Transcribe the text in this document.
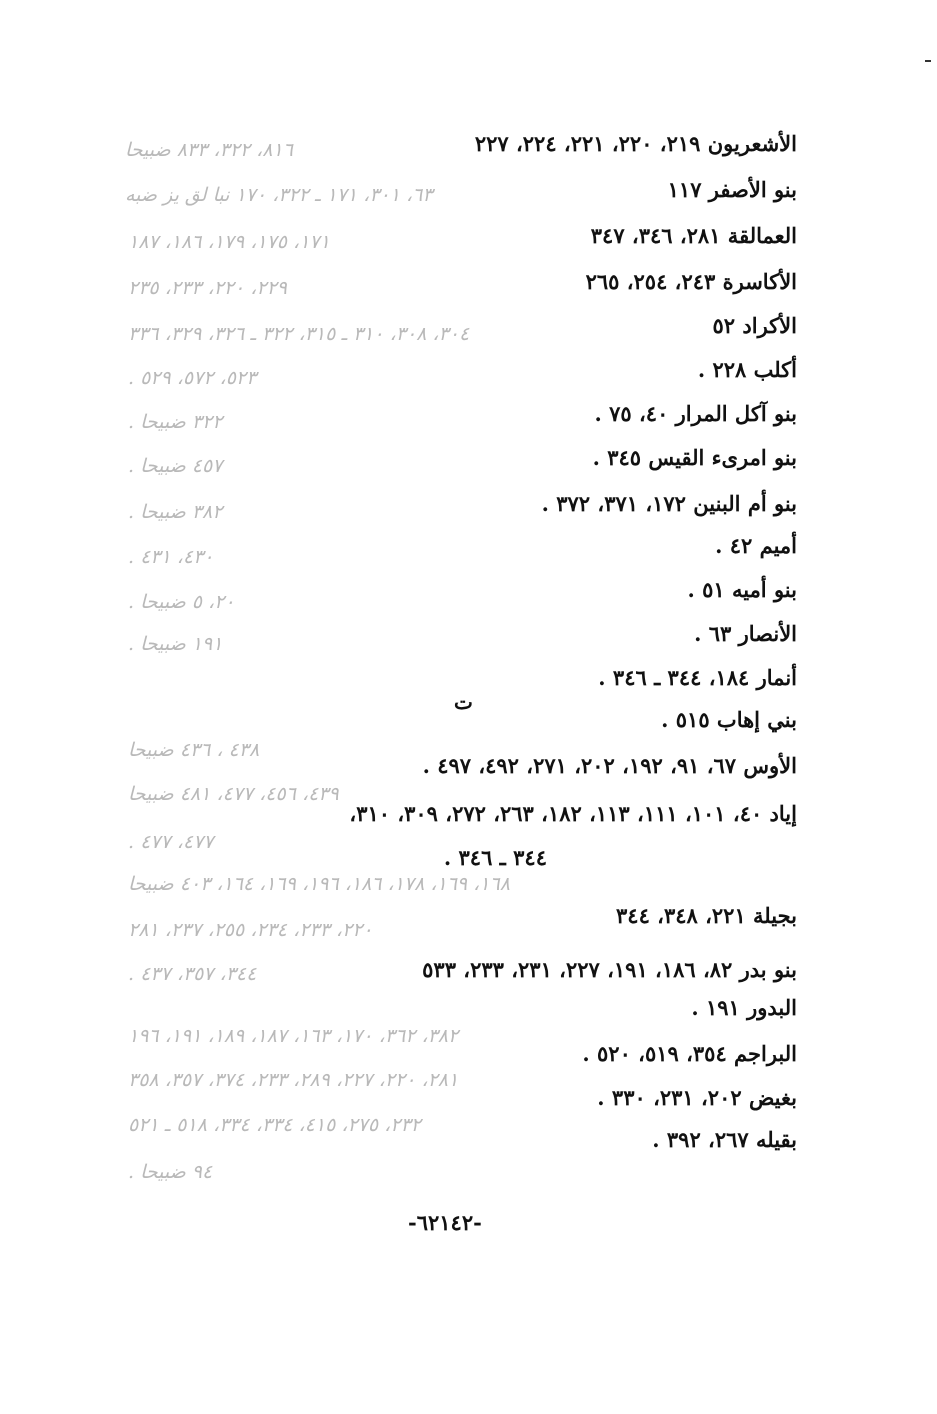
٨١٦، ٣٢٢، ٨٣٣ ضبيحا
٦٣، ٣٠١، ١٧١ ـ ٣٢٢، ١٧٠ نبا لق يز ضبه
١٧١، ١٧٥، ١٧٩، ١٨٦، ١٨٧
٢٢٩، ٢٢٠، ٢٣٣، ٢٣٥
٣٠٤، ٣٠٨، ٣١٠ ـ ٣١٥، ٣٢٢ ـ ٣٢٦، ٣٢٩، ٣٣٦
٥٢٣، ٥٧٢، ٥٢٩ .
٣٢٢ ضبيحا .
٤٥٧ ضبيحا .
٣٨٢ ضبيحا .
٤٣٠، ٤٣١ .
٢٠، ٥ ضبيحا .
١٩١ ضبيحا .
٤٣٨ ، ٤٣٦ ضبيحا
٤٣٩، ٤٥٦، ٤٧٧، ٤٨١ ضبيحا
٤٧٧، ٤٧٧ .
١٦٨، ١٦٩، ١٧٨، ١٨٦، ١٩٦، ١٦٩، ١٦٤، ٤٠٣ ضبيحا
٢٢٠، ٢٣٣، ٢٣٤، ٢٥٥، ٢٣٧، ٢٨١
٣٤٤، ٣٥٧، ٤٣٧ .
٣٨٢، ٣٦٢، ١٧٠، ١٦٣، ١٨٧، ١٨٩، ١٩١، ١٩٦
٢٨١، ٢٢٠، ٢٢٧، ٢٨٩، ٢٣٣، ٣٧٤، ٣٥٧، ٣٥٨
٢٣٢، ٢٧٥، ٤١٥، ٣٣٤، ٣٣٤، ٥١٨ ـ ٥٢١
٩٤ ضبيحا .
الأشعريون ٢١٩، ٢٢٠، ٢٢١، ٢٢٤، ٢٢٧
بنو الأصفر ١١٧
العمالقة ٢٨١، ٣٤٦، ٣٤٧
الأكاسرة ٢٤٣، ٢٥٤، ٢٦٥
الأكراد ٥٢
أكلب ٢٢٨ .
بنو آكل المرار ٤٠، ٧٥ .
بنو امرىء القيس ٣٤٥ .
بنو أم البنين ١٧٢، ٣٧١، ٣٧٢ .
أميم ٤٢ .
بنو أميه ٥١ .
الأنصار ٦٣ .
أنمار ١٨٤، ٣٤٤ ـ ٣٤٦ .
ت
بني إهاب ٥١٥ .
الأوس ٦٧، ٩١، ١٩٢، ٢٠٢، ٢٧١، ٤٩٢، ٤٩٧ .
إياد ٤٠، ١٠١، ١١١، ١١٣، ١٨٢، ٢٦٣، ٢٧٢، ٣٠٩، ٣١٠،
٣٤٤ ـ ٣٤٦ .
بجيلة ٢٢١، ٣٤٨، ٣٤٤
بنو بدر ٨٢، ١٨٦، ١٩١، ٢٢٧، ٢٣١، ٢٣٣، ٥٣٣
البدور ١٩١ .
البراجم ٣٥٤، ٥١٩، ٥٢٠ .
بغيض ٢٠٢، ٢٣١، ٣٣٠ .
بقيله ٢٦٧، ٣٩٢ .
-٦٢١٤٢-
